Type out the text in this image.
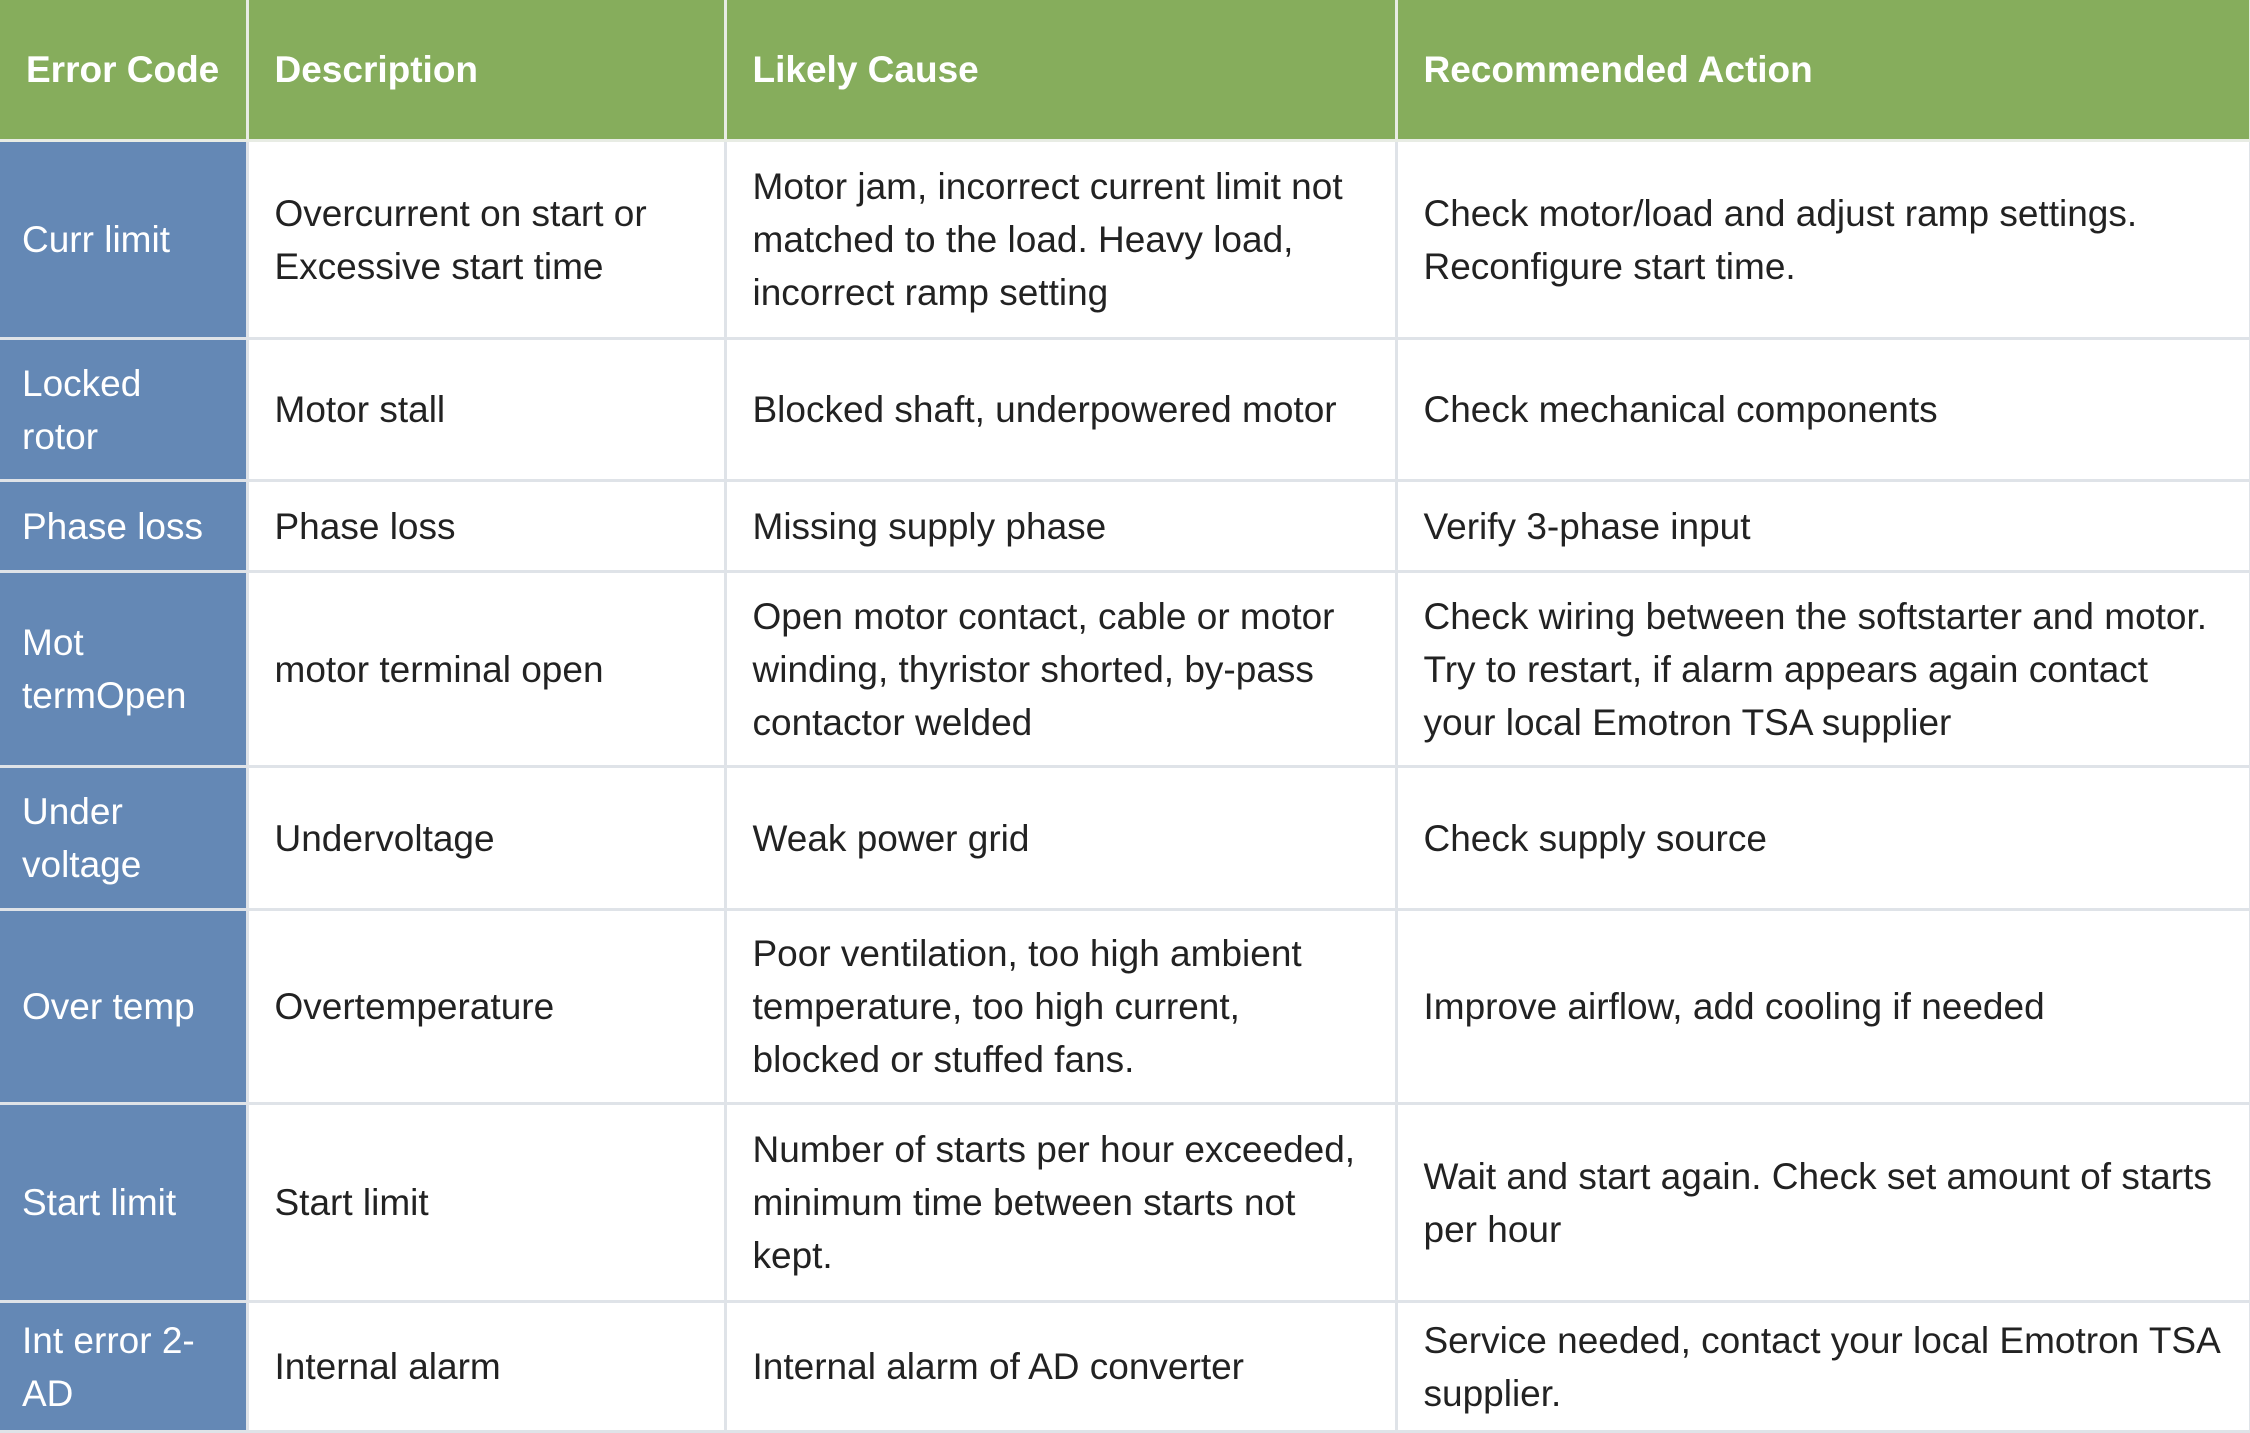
Error Code	Description	Likely Cause	Recommended Action
Curr limit	Overcurrent on start or Excessive start time	Motor jam, incorrect current limit not matched to the load. Heavy load, incorrect ramp setting	Check motor/load and adjust ramp settings. Reconfigure start time.
Locked rotor	Motor stall	Blocked shaft, underpowered motor	Check mechanical components
Phase loss	Phase loss	Missing supply phase	Verify 3-phase input
Mot termOpen	motor terminal open	Open motor contact, cable or motor winding, thyristor shorted, by-pass contactor welded	Check wiring between the softstarter and motor. Try to restart, if alarm appears again contact your local Emotron TSA supplier
Under voltage	Undervoltage	Weak power grid	Check supply source
Over temp	Overtemperature	Poor ventilation, too high ambient temperature, too high current, blocked or stuffed fans.	Improve airflow, add cooling if needed
Start limit	Start limit	Number of starts per hour exceeded, minimum time between starts not kept.	Wait and start again. Check set amount of starts per hour
Int error 2-AD	Internal alarm	Internal alarm of AD converter	Service needed, contact your local Emotron TSA supplier.
